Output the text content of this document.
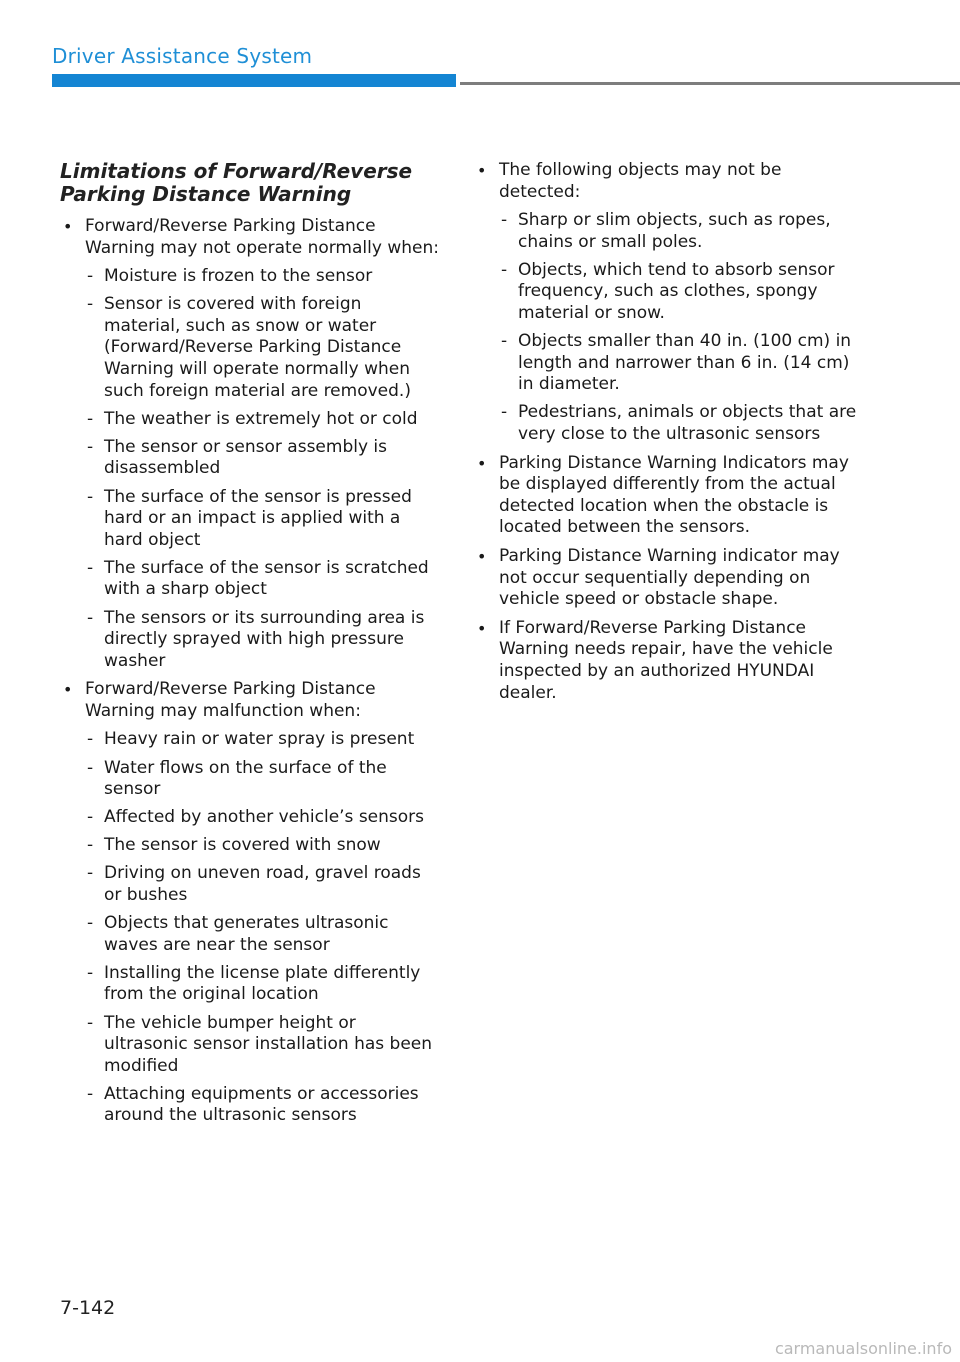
Driver Assistance System
Limitations of Forward/Reverse Parking Distance Warning
• Forward/Reverse Parking Distance Warning may not operate normally when:
- Moisture is frozen to the sensor
- Sensor is covered with foreign material, such as snow or water (Forward/Reverse Parking Distance Warning will operate normally when such foreign material are removed.)
- The weather is extremely hot or cold
- The sensor or sensor assembly is disassembled
- The surface of the sensor is pressed hard or an impact is applied with a hard object
- The surface of the sensor is scratched with a sharp object
- The sensors or its surrounding area is directly sprayed with high pressure washer
• Forward/Reverse Parking Distance Warning may malfunction when:
- Heavy rain or water spray is present
- Water flows on the surface of the sensor
- Affected by another vehicle’s sensors
- The sensor is covered with snow
- Driving on uneven road, gravel roads or bushes
- Objects that generates ultrasonic waves are near the sensor
- Installing the license plate differently from the original location
- The vehicle bumper height or ultrasonic sensor installation has been modified
- Attaching equipments or accessories around the ultrasonic sensors
• The following objects may not be detected:
- Sharp or slim objects, such as ropes, chains or small poles.
- Objects, which tend to absorb sensor frequency, such as clothes, spongy material or snow.
- Objects smaller than 40 in. (100 cm) in length and narrower than 6 in. (14 cm) in diameter.
- Pedestrians, animals or objects that are very close to the ultrasonic sensors
• Parking Distance Warning Indicators may be displayed differently from the actual detected location when the obstacle is located between the sensors.
• Parking Distance Warning indicator may not occur sequentially depending on vehicle speed or obstacle shape.
• If Forward/Reverse Parking Distance Warning needs repair, have the vehicle inspected by an authorized HYUNDAI dealer.

7-142

carmanualsonline.info
